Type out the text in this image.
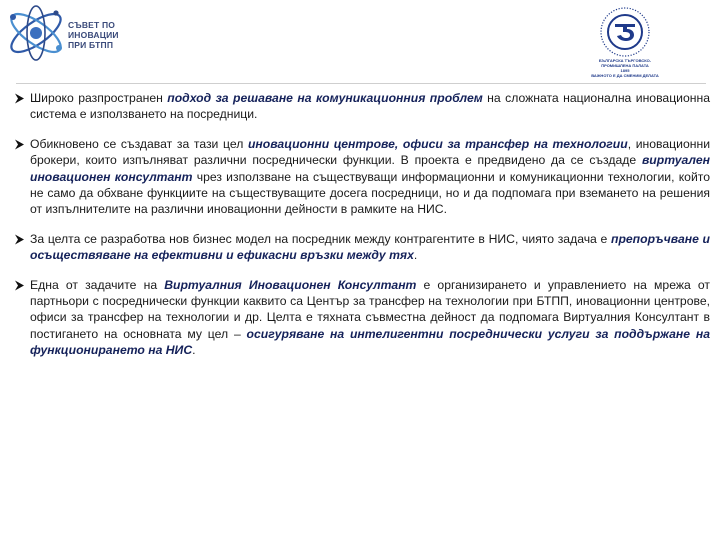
СЪВЕТ ПО
ИНОВАЦИИ
ПРИ БТПП
БЪЛГАРСКА ТЪРГОВСКО-ПРОМИШЛЕНА ПАЛАТА
1895
ВАЖНОТО Е ДА СМЕНИМ ДЕЛАТА
Широко разпространен подход за решаване на комуникационния проблем на сложната национална иновационна система е използването на посредници.
Обикновено се създават за тази цел иновационни центрове, офиси за трансфер на технологии, иновационни брокери, които изпълняват различни посреднически функции. В проекта е предвидено да се създаде виртуален иновационен консултант чрез използване на съществуващи информационни и комуникационни технологии, който не само да обхване функциите на съществуващите досега посредници, но и да подпомага при вземането на решения от изпълнителите на различни иновационни дейности в рамките на НИС.
За целта се разработва нов бизнес модел на посредник между контрагентите в НИС, чиято задача е препоръчване и осъществяване на ефективни и ефикасни връзки между тях.
Една от задачите на Виртуалния Иновационен Консултант е организирането и управлението на мрежа от партньори с посреднически функции каквито са Център за трансфер на технологии при БТПП, иновационни центрове, офиси за трансфер на технологии и др. Целта е тяхната съвместна дейност да подпомага Виртуалния Консултант в постигането на основната му цел – осигуряване на интелигентни посреднически услуги за поддържане на функционирането на НИС.
